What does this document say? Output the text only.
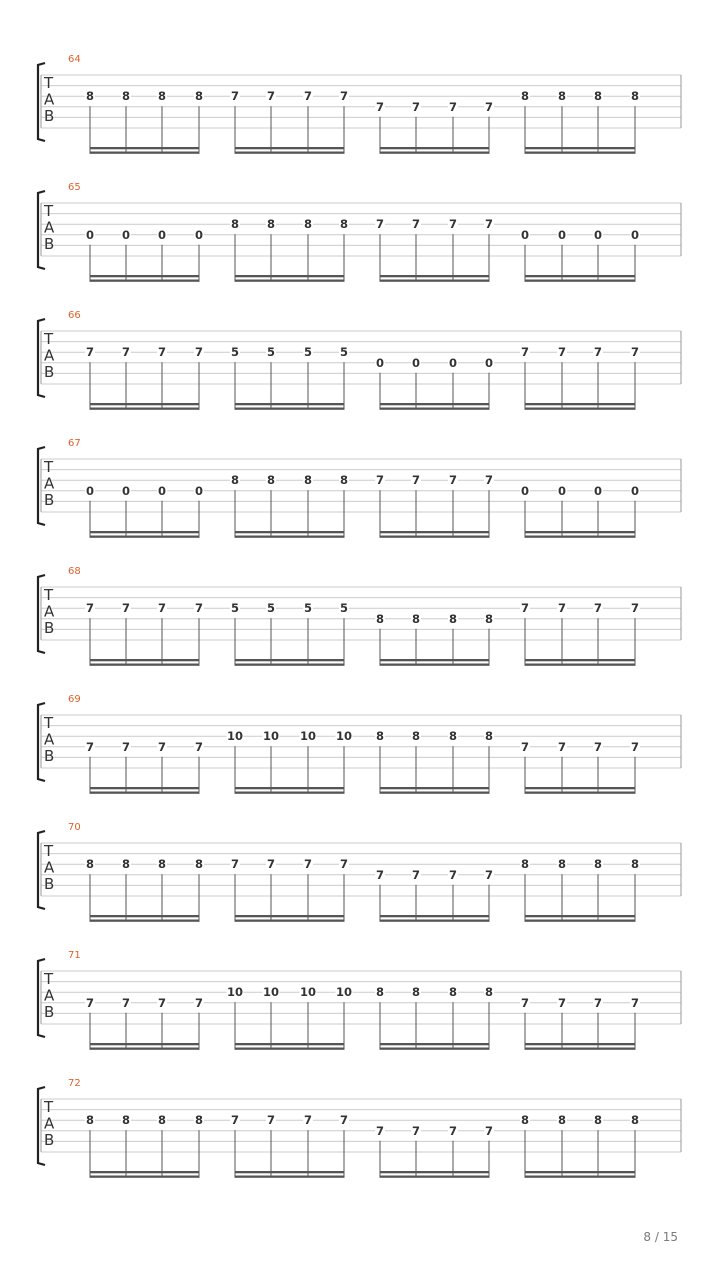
64
T
A
B
8 8 8	8 7 7	7 7
7 7	7 7
8	8 8	8
65
T
A
B
0 0 0	0
8 8	8 8 7 7	7 7
0	0 0	0
66
T
A
B
7 7 7	7 5 5	5 5
0 0	0 0
7	7 7	7
67
T
A
B
0 0 0	0
8 8	8 8 7 7	7 7
0	0 0	0
68
T
A
B
7 7 7	7 5 5	5 5
8 8	8 8
7	7 7	7
69
T
A
B
7 7 7	7
10 10 10 10 8 8	8 8
7	7 7	7
70
T
A
B
8 8 8	8 7 7	7 7
7 7	7 7
8	8 8	8
71
T
A
B
7 7 7	7
10 10 10 10 8 8	8 8
7	7 7	7
72
T
A
B
8 8 8	8 7 7	7 7
7 7	7 7
8	8 8	8
8 / 15
